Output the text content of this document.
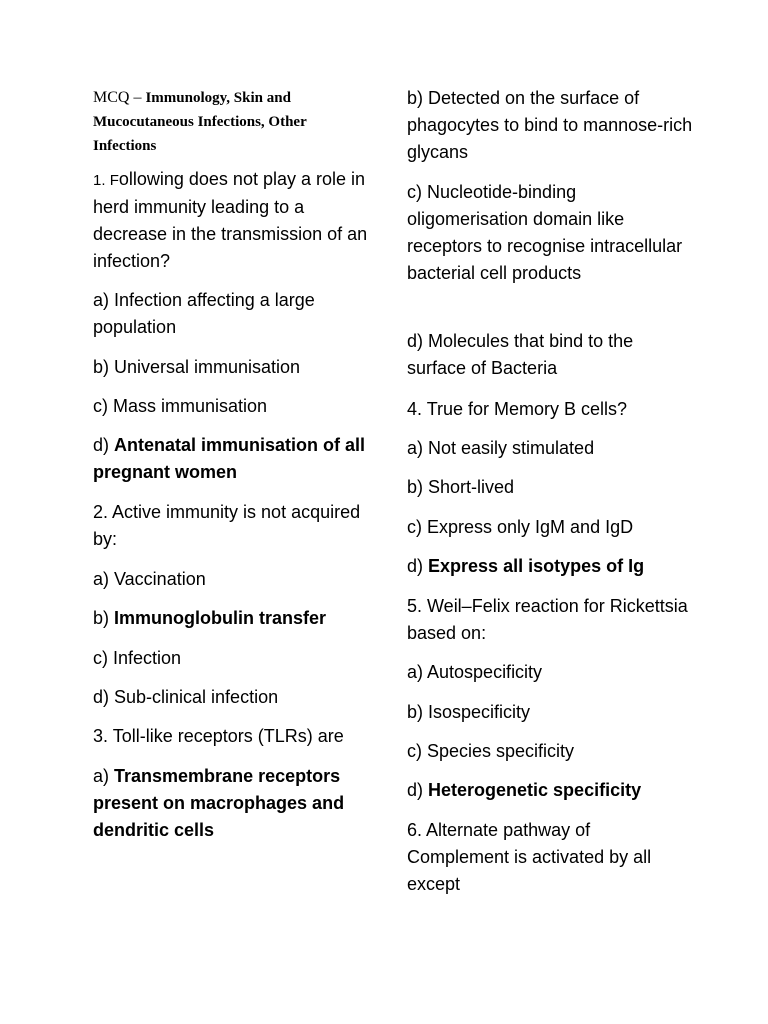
MCQ – Immunology, Skin and Mucocutaneous Infections, Other Infections

1. Following does not play a role in herd immunity leading to a decrease in the transmission of an infection?

a) Infection affecting a large population

b) Universal immunisation

c) Mass immunisation

d) Antenatal immunisation of all pregnant women

2. Active immunity is not acquired by:

a) Vaccination

b) Immunoglobulin transfer

c) Infection

d) Sub-clinical infection

3. Toll-like receptors (TLRs) are

a) Transmembrane receptors present on macrophages and dendritic cells

b) Detected on the surface of phagocytes to bind to mannose-rich glycans

c) Nucleotide-binding oligomerisation domain like receptors to recognise intracellular bacterial cell products

d) Molecules that bind to the surface of Bacteria

4. True for Memory B cells?

a) Not easily stimulated

b) Short-lived

c) Express only IgM and IgD

d) Express all isotypes of Ig

5. Weil–Felix reaction for Rickettsia based on:

a) Autospecificity

b) Isospecificity

c) Species specificity

d) Heterogenetic specificity

6. Alternate pathway of Complement is activated by all except
